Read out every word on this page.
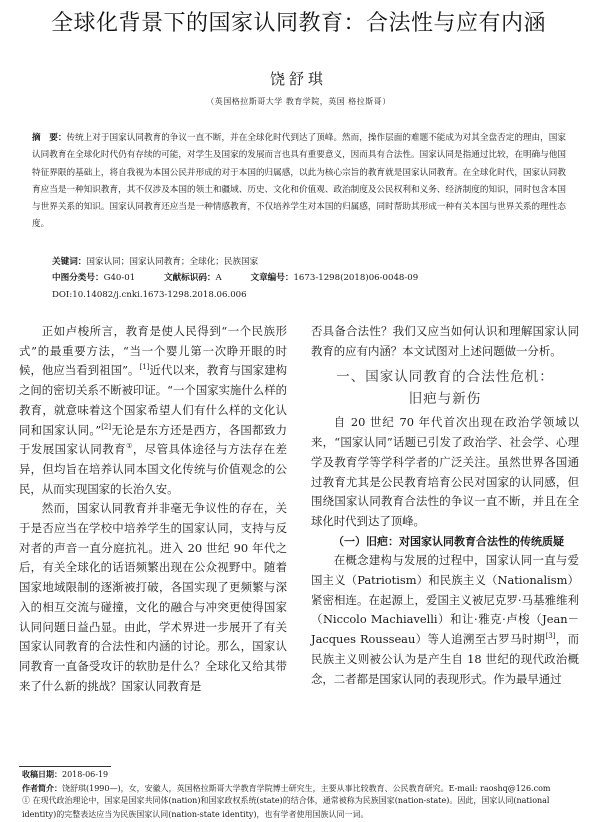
全球化背景下的国家认同教育：合法性与应有内涵
饶舒琪
（英国格拉斯哥大学 教育学院，英国 格拉斯哥）
摘　要：传统上对于国家认同教育的争议一直不断，并在全球化时代到达了顶峰。然而，操作层面的难题不能成为对其全盘否定的理由，国家认同教育在全球化时代仍有存续的可能，对学生及国家的发展而言也具有重要意义，因而具有合法性。国家认同是指通过比较，在明确与他国特征界限的基础上，将自我视为本国公民并形成的对于本国的归属感，以此为核心宗旨的教育就是国家认同教育。在全球化时代，国家认同教育应当是一种知识教育，其不仅涉及本国的领土和疆域、历史、文化和价值观、政治制度及公民权利和义务、经济制度的知识，同时包含本国与世界关系的知识。国家认同教育还应当是一种情感教育，不仅培养学生对本国的归属感，同时帮助其形成一种有关本国与世界关系的理性态度。
关键词：国家认同；国家认同教育；全球化；民族国家
中图分类号：G40-01	文献标识码：A	文章编号：1673-1298(2018)06-0048-09
DOI:10.14082/j.cnki.1673-1298.2018.06.006

正如卢梭所言，教育是使人民得到“一个民族形式”的最重要方法，“当一个婴儿第一次睁开眼的时候，他应当看到祖国”。[1]近代以来，教育与国家建构之间的密切关系不断被印证。“一个国家实施什么样的教育，就意味着这个国家希望人们有什么样的文化认同和国家认同。”[2]无论是东方还是西方，各国都致力于发展国家认同教育①，尽管具体途径与方法存在差异，但均旨在培养认同本国文化传统与价值观念的公民，从而实现国家的长治久安。

然而，国家认同教育并非毫无争议性的存在，关于是否应当在学校中培养学生的国家认同，支持与反对者的声音一直分庭抗礼。进入 20 世纪 90 年代之后，有关全球化的话语频繁出现在公众视野中。随着国家地域限制的逐渐被打破，各国实现了更频繁与深入的相互交流与碰撞，文化的融合与冲突更使得国家认同问题日益凸显。由此，学术界进一步展开了有关国家认同教育的合法性和内涵的讨论。那么，国家认同教育一直备受攻讦的软肋是什么？全球化又给其带来了什么新的挑战？国家认同教育是

否具备合法性？我们又应当如何认识和理解国家认同教育的应有内涵？本文试图对上述问题做一分析。

一、国家认同教育的合法性危机：
旧疤与新伤

自 20 世纪 70 年代首次出现在政治学领域以来，“国家认同”话题已引发了政治学、社会学、心理学及教育学等学科学者的广泛关注。虽然世界各国通过教育尤其是公民教育培育公民对国家的认同感，但围绕国家认同教育合法性的争议一直不断，并且在全球化时代到达了顶峰。

（一）旧疤：对国家认同教育合法性的传统质疑

在概念建构与发展的过程中，国家认同一直与爱国主义（Patriotism）和民族主义（Nationalism）紧密相连。在起源上，爱国主义被尼克罗·马基雅维利（Niccolo Machiavelli）和让·雅克·卢梭（Jean－Jacques Rousseau）等人追溯至古罗马时期[3]，而民族主义则被公认为是产生自 18 世纪的现代政治概念，二者都是国家认同的表现形式。作为最早通过

收稿日期：2018-06-19
作者简介：饶舒琪(1990—)，女，安徽人，英国格拉斯哥大学教育学院博士研究生，主要从事比较教育、公民教育研究。E-mail: raoshq@126.com
① 在现代政治理论中，国家是国家共同体(nation)和国家政权系统(state)的结合体，通常被称为民族国家(nation-state)。因此，国家认同(national identity)的完整表达应当为民族国家认同(nation-state identity)，也有学者使用国族认同一词。
